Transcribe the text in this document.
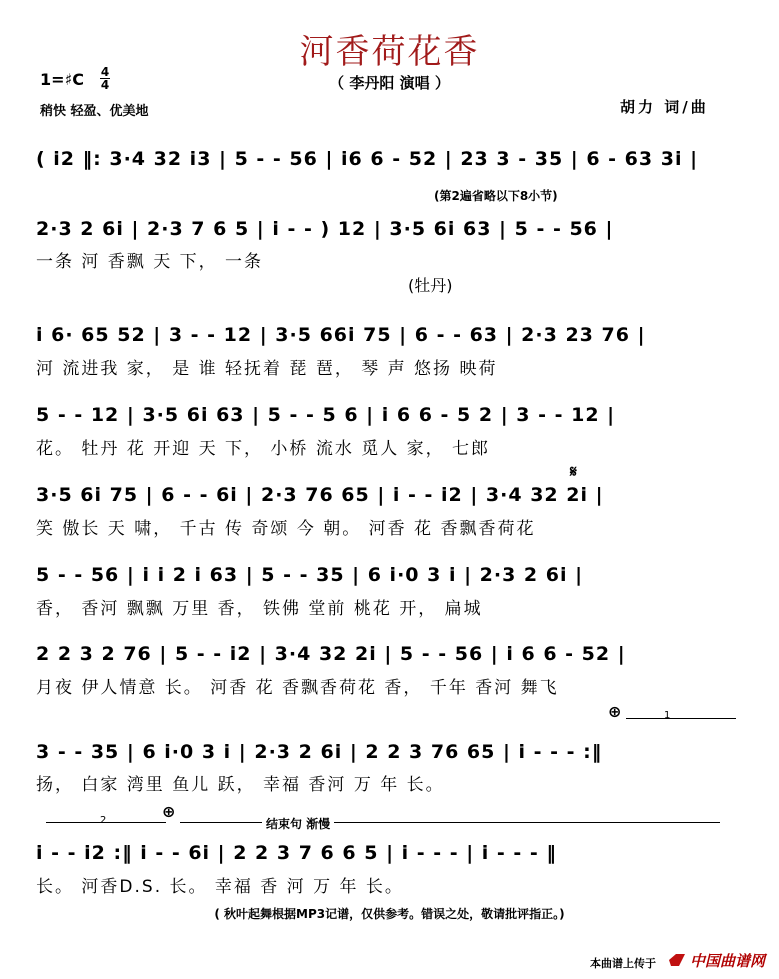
河香荷花香
（ 李丹阳 演唱 ）
1=♯C 4
4
稍快 轻盈、优美地	胡力 词/曲
( i2 ‖: 3·4 32 i3 | 5 - - 56 | i6 6 - 52 | 23 3 - 35 | 6 - 63 3i |
(第2遍省略以下8小节)
2·3 2 6i | 2·3 7 6 5 | i - - ) 12 | 3·5 6i 63 | 5 - - 56 |
一条 河 香飘 天 下， 一条
(牡丹)
i 6· 65 52 | 3 - - 12 | 3·5 66i 75 | 6 - - 63 | 2·3 23 76 |
河 流进我 家， 是 谁 轻抚着 琵 琶， 琴 声 悠扬 映荷
5 - - 12 | 3·5 6i 63 | 5 - - 5 6 | i 6 6 - 5 2 | 3 - - 12 |
花。 牡丹 花 开迎 天 下， 小桥 流水 觅人 家， 七郎
𝄋
3·5 6i 75 | 6 - - 6i | 2·3 76 65 | i - - i2 | 3·4 32 2i |
笑 傲长 天 啸， 千古 传 奇颂 今 朝。 河香 花 香飘香荷花
5 - - 56 | i i 2 i 63 | 5 - - 35 | 6 i·0 3 i | 2·3 2 6i |
香， 香河 飘飘 万里 香， 铁佛 堂前 桃花 开， 扁城
2 2 3 2 76 | 5 - - i2 | 3·4 32 2i | 5 - - 56 | i 6 6 - 52 |
月夜 伊人情意 长。 河香 花 香飘香荷花 香， 千年 香河 舞飞
⊕	1
3 - - 35 | 6 i·0 3 i | 2·3 2 6i | 2 2 3 76 65 | i - - - :‖
扬， 白家 湾里 鱼儿 跃， 幸福 香河 万 年 长。
2	⊕
结束句 渐慢
i - - i2 :‖ i - - 6i | 2 2 3 7 6 6 5 | i - - - | i - - - ‖
长。 河香D.S. 长。 幸福 香 河 万 年 长。
( 秋叶起舞根据MP3记谱，仅供参考。错误之处，敬请批评指正。)
本曲谱上传于 中国曲谱网
